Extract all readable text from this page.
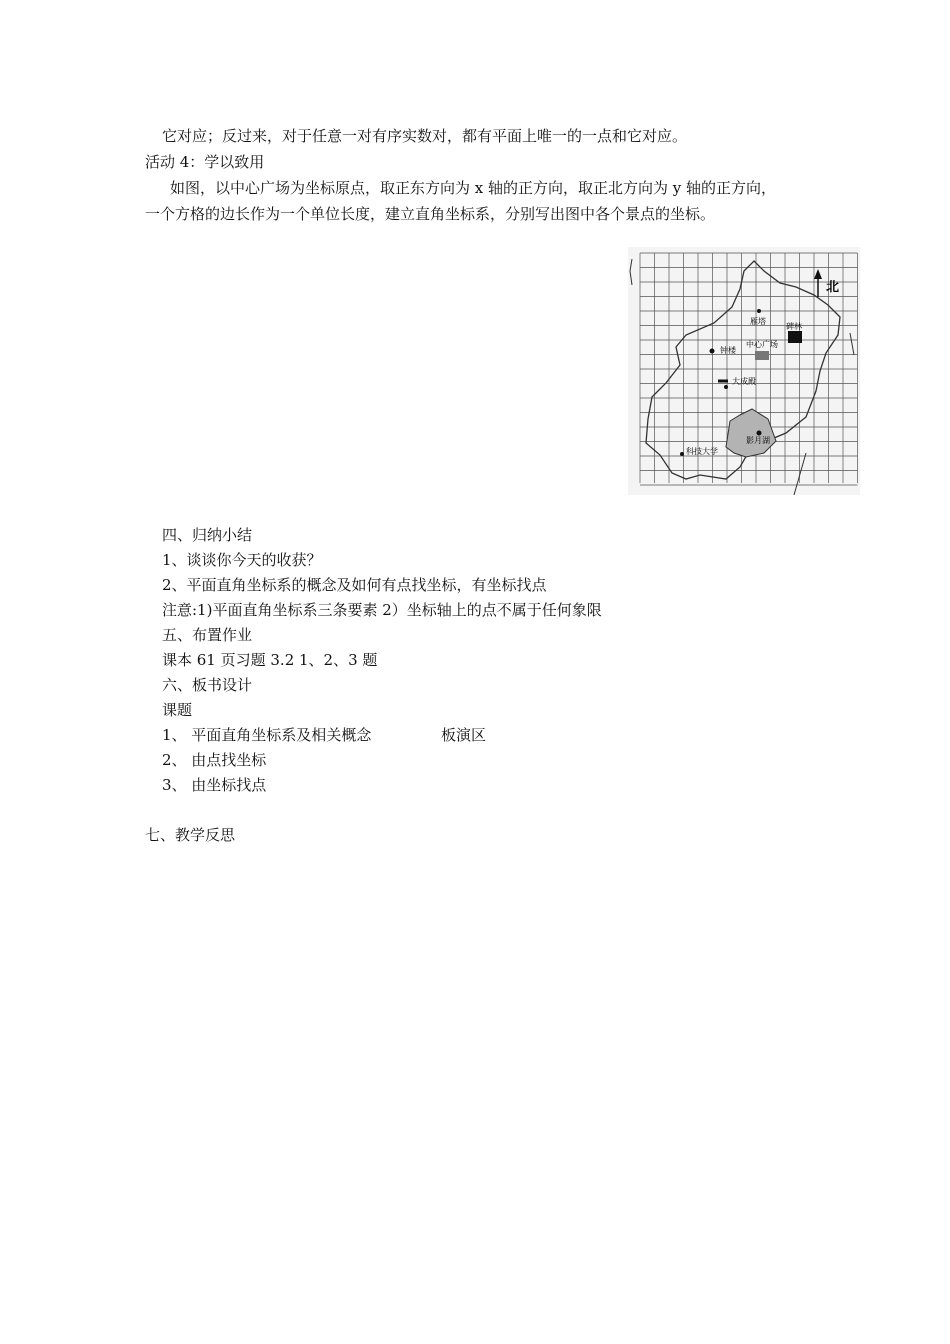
它对应；反过来，对于任意一对有序实数对，都有平面上唯一的一点和它对应。
活动 4：学以致用
如图，以中心广场为坐标原点，取正东方向为 x 轴的正方向，取正北方向为 y 轴的正方向，
一个方格的边长作为一个单位长度，建立直角坐标系，分别写出图中各个景点的坐标。
北
雁塔
碑林
钟楼
中心广场
大成殿
影月湖
科技大学
四、归纳小结
1、谈谈你今天的收获？
2、平面直角坐标系的概念及如何有点找坐标，有坐标找点
注意:1)平面直角坐标系三条要素 2）坐标轴上的点不属于任何象限
五、布置作业
课本 61 页习题 3.2 1、2、3 题
六、板书设计
课题
1、 平面直角坐标系及相关概念	板演区
2、 由点找坐标
3、 由坐标找点
七、教学反思
